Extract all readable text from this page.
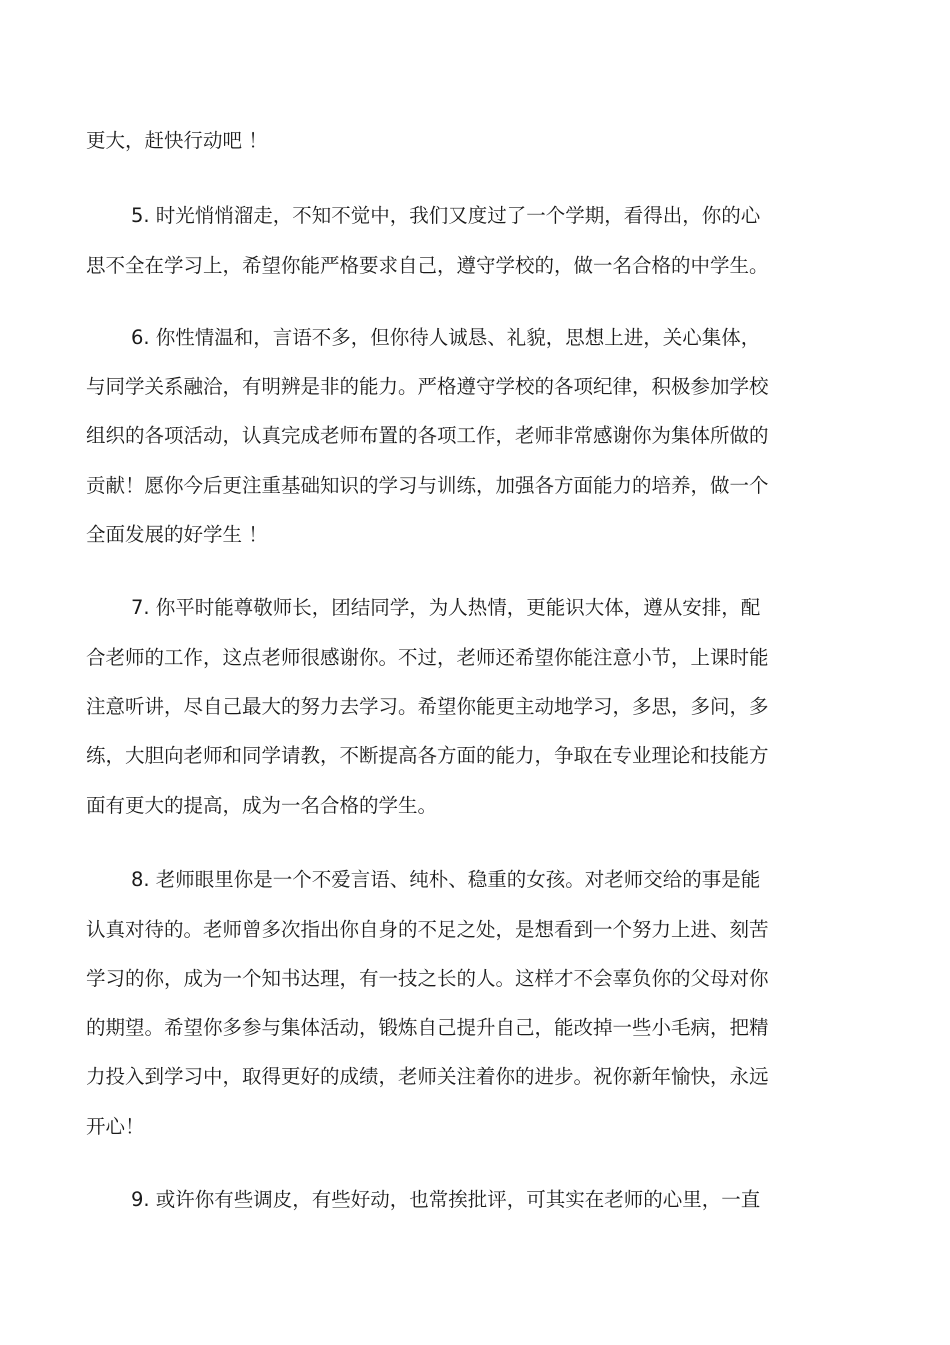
更大，赶快行动吧 ！
5. 时光悄悄溜走，不知不觉中，我们又度过了一个学期，看得出，你的心
思不全在学习上，希望你能严格要求自己，遵守学校的，做一名合格的中学生。
6. 你性情温和，言语不多，但你待人诚恳、礼貌，思想上进，关心集体，
与同学关系融洽，有明辨是非的能力。严格遵守学校的各项纪律，积极参加学校
组织的各项活动，认真完成老师布置的各项工作，老师非常感谢你为集体所做的
贡献！愿你今后更注重基础知识的学习与训练，加强各方面能力的培养，做一个
全面发展的好学生 ！
7. 你平时能尊敬师长，团结同学，为人热情，更能识大体，遵从安排，配
合老师的工作，这点老师很感谢你。不过，老师还希望你能注意小节，上课时能
注意听讲，尽自己最大的努力去学习。希望你能更主动地学习，多思，多问，多
练，大胆向老师和同学请教，不断提高各方面的能力，争取在专业理论和技能方
面有更大的提高，成为一名合格的学生。
8. 老师眼里你是一个不爱言语、纯朴、稳重的女孩。对老师交给的事是能
认真对待的。老师曾多次指出你自身的不足之处，是想看到一个努力上进、刻苦
学习的你，成为一个知书达理，有一技之长的人。这样才不会辜负你的父母对你
的期望。希望你多参与集体活动，锻炼自己提升自己，能改掉一些小毛病，把精
力投入到学习中，取得更好的成绩，老师关注着你的进步。祝你新年愉快，永远
开心！
9. 或许你有些调皮，有些好动，也常挨批评，可其实在老师的心里，一直
